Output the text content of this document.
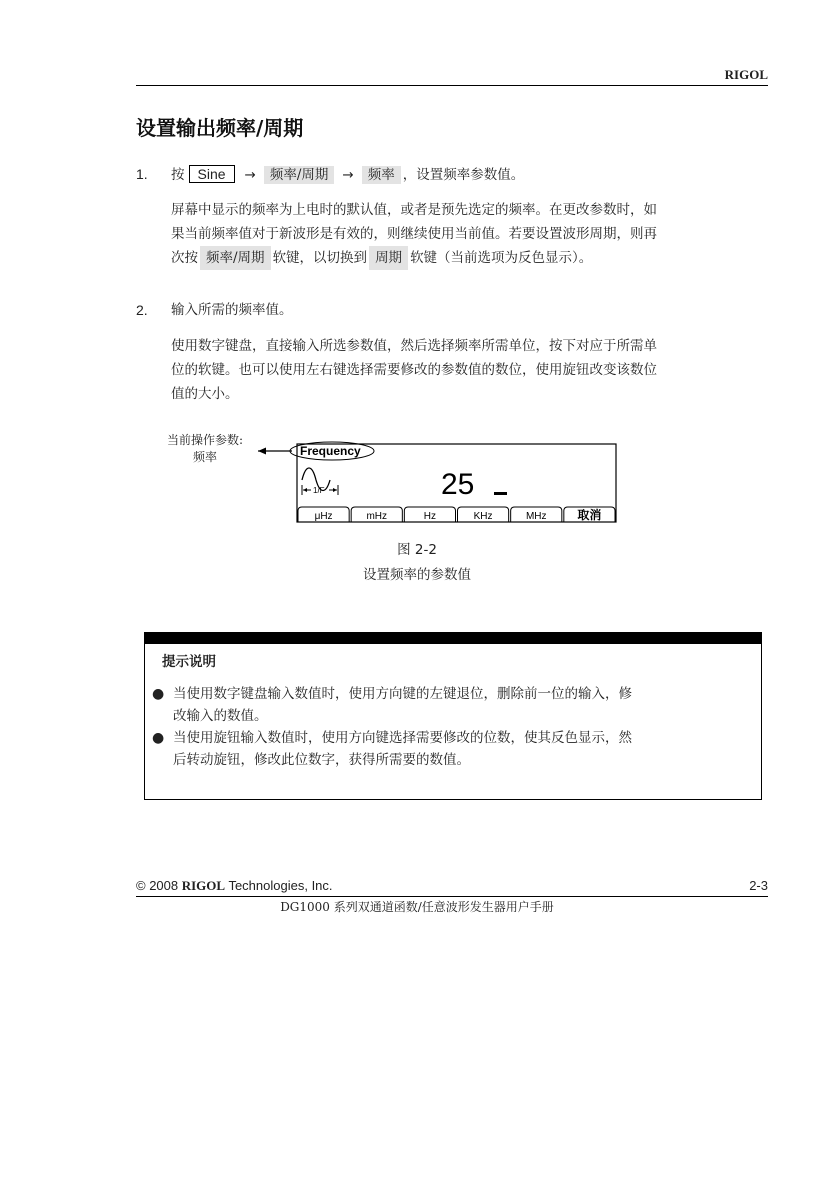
RIGOL
设置输出频率/周期
1. 按 Sine → 频率/周期 → 频率 ，设置频率参数值。
屏幕中显示的频率为上电时的默认值，或者是预先选定的频率。在更改参数时，如
果当前频率值对于新波形是有效的，则继续使用当前值。若要设置波形周期，则再
次按 频率/周期 软键，以切换到 周期 软键（当前选项为反色显示）。
2. 输入所需的频率值。
使用数字键盘，直接输入所选参数值，然后选择频率所需单位，按下对应于所需单
位的软键。也可以使用左右键选择需要修改的参数值的数位，使用旋钮改变该数位
值的大小。
当前操作参数:
频率	Frequency
1/F	25
μHz	mHz	Hz	KHz	MHz	取消
图 2-2
设置频率的参数值
提示说明
● 当使用数字键盘输入数值时，使用方向键的左键退位，删除前一位的输入，修
改输入的数值。
● 当使用旋钮输入数值时，使用方向键选择需要修改的位数，使其反色显示，然
后转动旋钮，修改此位数字，获得所需要的数值。
© 2008 RIGOL Technologies, Inc.	2-3
DG1000 系列双通道函数/任意波形发生器用户手册
